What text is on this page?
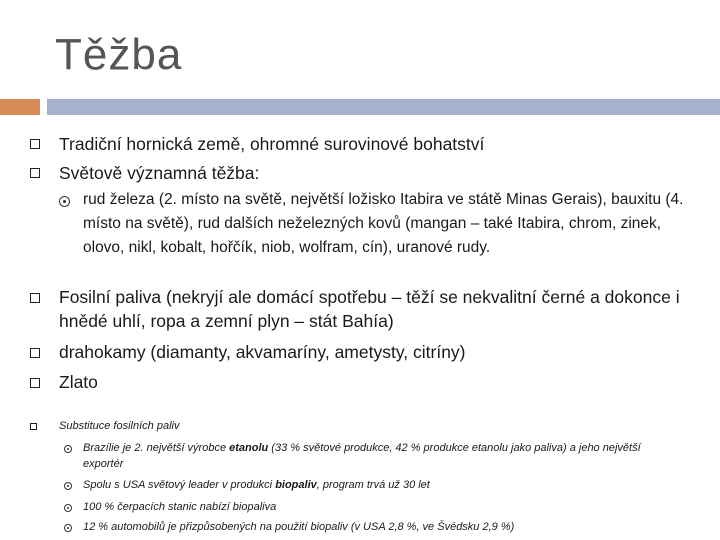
Těžba
Tradiční hornická země, ohromné surovinové bohatství
Světově významná těžba:
rud železa (2. místo na světě, největší ložisko Itabira ve státě Minas Gerais), bauxitu (4. místo na světě), rud dalších neželezných kovů (mangan – také Itabira, chrom, zinek, olovo, nikl, kobalt, hořčík, niob, wolfram, cín), uranové rudy.
Fosilní paliva (nekryjí ale domácí spotřebu – těží se nekvalitní černé a dokonce i hnědé uhlí, ropa a zemní plyn – stát Bahía)
drahokamy (diamanty, akvamaríny, ametysty, citríny)
Zlato
Substituce fosilních paliv
Brazílie je 2. největší výrobce etanolu (33 % světové produkce, 42 % produkce etanolu jako paliva) a jeho největší exportér
Spolu s USA světový leader v produkci biopaliv, program trvá už 30 let
100 % čerpacích stanic nabízí biopaliva
12 % automobilů je přizpůsobených na použití biopaliv (v USA 2,8 %, ve Švédsku 2,9 %)
